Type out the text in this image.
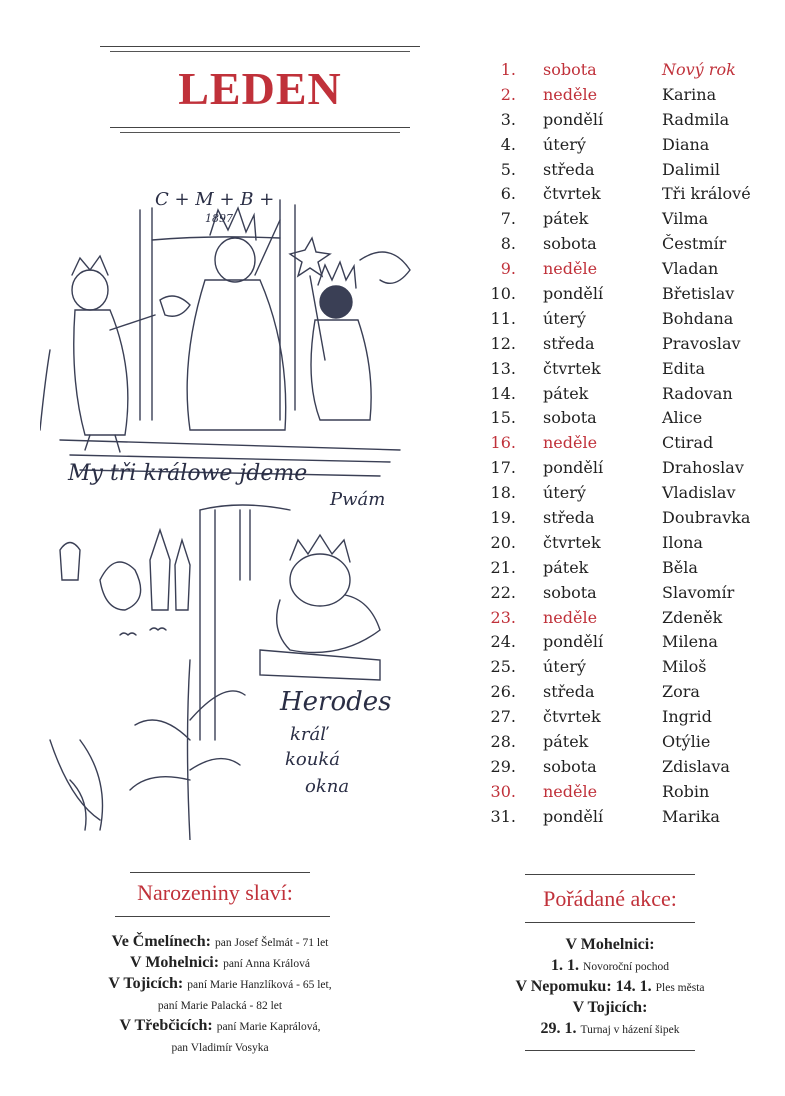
LEDEN
C + M + B +
1897
My tři králowe jdeme
Pwám
Herodes
kráľ
kouká
okna
1. sobota	Nový rok
2. neděle	Karina
3. pondělí	Radmila
4. úterý	Diana
5. středa	Dalimil
6. čtvrtek	Tři králové
7. pátek	Vilma
8. sobota	Čestmír
9. neděle	Vladan
10. pondělí	Břetislav
11. úterý	Bohdana
12. středa	Pravoslav
13. čtvrtek	Edita
14. pátek	Radovan
15. sobota	Alice
16. neděle	Ctirad
17. pondělí	Drahoslav
18. úterý	Vladislav
19. středa	Doubravka
20. čtvrtek	Ilona
21. pátek	Běla
22. sobota	Slavomír
23. neděle	Zdeněk
24. pondělí	Milena
25. úterý	Miloš
26. středa	Zora
27. čtvrtek	Ingrid
28. pátek	Otýlie
29. sobota	Zdislava
30. neděle	Robin
31. pondělí	Marika
Narozeniny slaví:
Ve Čmelínech: pan Josef Šelmát - 71 let
V Mohelnici: paní Anna Králová
V Tojicích: paní Marie Hanzlíková - 65 let,
paní Marie Palacká - 82 let
V Třebčicích: paní Marie Kaprálová,
pan Vladimír Vosyka
Pořádané akce:
V Mohelnici:
1. 1. Novoroční pochod
V Nepomuku: 14. 1. Ples města
V Tojicích:
29. 1. Turnaj v házení šipek
